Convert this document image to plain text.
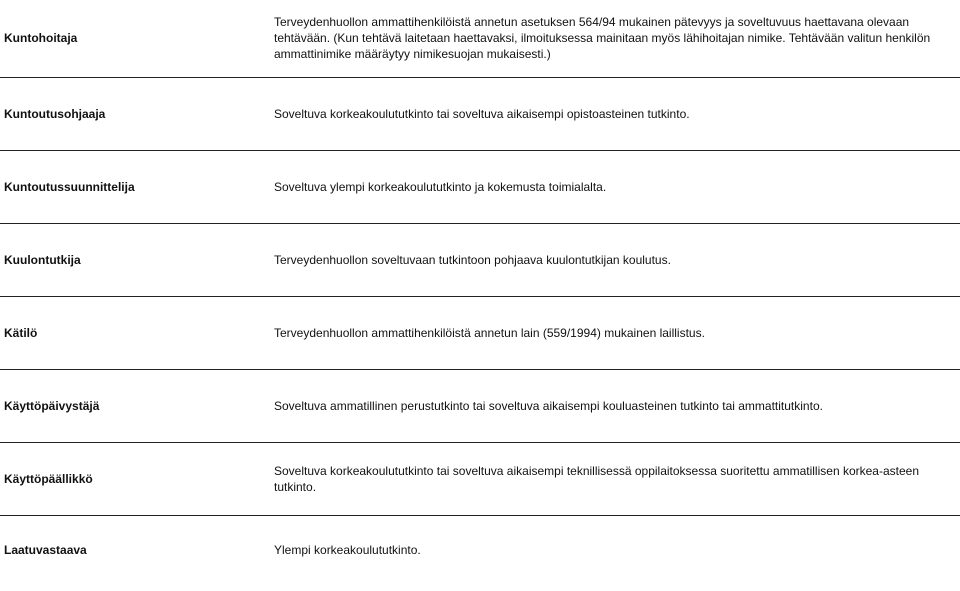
Kuntohoitaja	Terveydenhuollon ammattihenkilöistä annetun asetuksen 564/94 mukainen pätevyys ja soveltuvuus haettavana olevaan tehtävään. (Kun tehtävä laitetaan haettavaksi, ilmoituksessa mainitaan myös lähihoitajan nimike. Tehtävään valitun henkilön ammattinimike määräytyy nimikesuojan mukaisesti.)
Kuntoutusohjaaja	Soveltuva korkeakoulututkinto tai soveltuva aikaisempi opistoasteinen tutkinto.
Kuntoutussuunnittelija	Soveltuva ylempi korkeakoulututkinto ja kokemusta toimialalta.
Kuulontutkija	Terveydenhuollon soveltuvaan tutkintoon pohjaava kuulontutkijan koulutus.
Kätilö	Terveydenhuollon ammattihenkilöistä annetun lain (559/1994) mukainen laillistus.
Käyttöpäivystäjä	Soveltuva ammatillinen perustutkinto tai soveltuva aikaisempi kouluasteinen tutkinto tai ammattitutkinto.
Käyttöpäällikkö	Soveltuva korkeakoulututkinto tai soveltuva aikaisempi teknillisessä oppilaitoksessa suoritettu ammatillisen korkea-asteen tutkinto.
Laatuvastaava	Ylempi korkeakoulututkinto.
